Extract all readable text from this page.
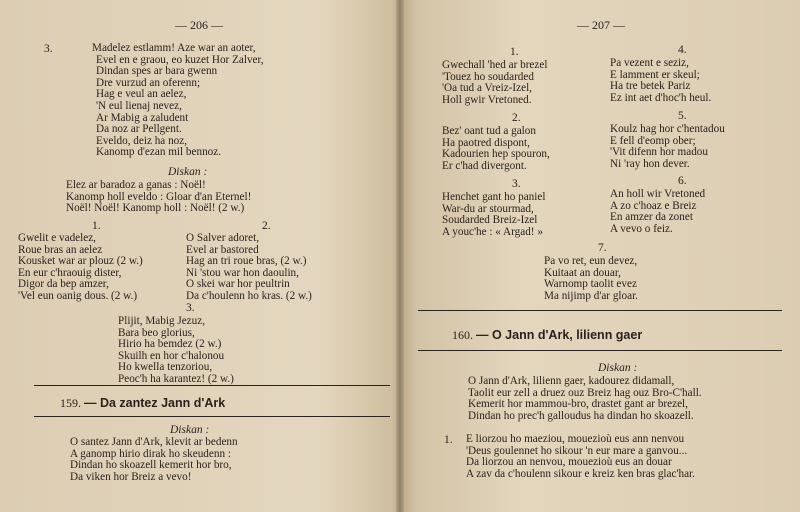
— 206 —
3.	Madelez estlamm! Aze war an aoter,
Evel en e graou, eo kuzet Hor Zalver,
Dindan spes ar bara gwenn
Dre vurzud an oferenn;
Hag e veul an aelez,
'N eul lienaj nevez,
Ar Mabig a zaludent
Da noz ar Pellgent.
Eveldo, deiz ha noz,
Kanomp d'ezan mil bennoz.
Diskan :
Elez ar baradoz a ganas : Noël!
Kanomp holl eveldo : Gloar d'an Eternel!
Noël! Noël! Kanomp holl : Noël! (2 w.)
1.
Gwelit e vadelez,
Roue bras an aelez
Kousket war ar plouz (2 w.)
En eur c'hraouig dister,
Digor da bep amzer,
'Vel eun oanig dous. (2 w.)
2.
O Salver adoret,
Evel ar bastored
Hag an tri roue bras, (2 w.)
Ni 'stou war hon daoulin,
O skei war hor peultrin
Da c'houlenn ho kras. (2 w.)
3.
Plijit, Mabig Jezuz,
Bara beo glorius,
Hirio ha bemdez (2 w.)
Skuilh en hor c'halonou
Ho kwella tenzoriou,
Peoc'h ha karantez! (2 w.)
159. — Da zantez Jann d'Ark
Diskan :
O santez Jann d'Ark, klevit ar bedenn
A ganomp hirio dirak ho skeudenn :
Dindan ho skoazell kemerit hor bro,
Da viken hor Breiz a vevo!
— 207 —
1.
Gwechall 'hed ar brezel
'Touez ho soudarded
'Oa tud a Vreiz-Izel,
Holl gwir Vretoned.
2.
Bez' oant tud a galon
Ha paotred dispont,
Kadourien hep spouron,
Er c'had divergont.
3.
Henchet gant ho paniel
War-du ar stourmad,
Soudarded Breiz-Izel
A youc'he : « Argad! »
4.
Pa vezent e seziz,
E lamment er skeul;
Ha tre betek Pariz
Ez int aet d'hoc'h heul.
5.
Koulz hag hor c'hentadou
E fell d'eomp ober;
'Vit difenn hor madou
Ni 'ray hon dever.
6.
An holl wir Vretoned
A zo c'hoaz e Breiz
En amzer da zonet
A vevo o feiz.
7.
Pa vo ret, eun devez,
Kuitaat an douar,
Warnomp taolit evez
Ma nijimp d'ar gloar.
160. — O Jann d'Ark, lilienn gaer
Diskan :
O Jann d'Ark, lilienn gaer, kadourez didamall,
Taolit eur zell a druez ouz Breiz hag ouz Bro-C'hall.
Kemerit hor mammou-bro, drastet gant ar brezel,
Dindan ho prec'h galloudus ha dindan ho skoazell.
1. E liorzou ho maeziou, mouezioù eus ann nenvou
'Deus goulennet ho sikour 'n eur mare a ganvou...
Da liorzou an nenvou, mouezioù eus an douar
A zav da c'houlenn sikour e kreiz ken bras glac'har.
